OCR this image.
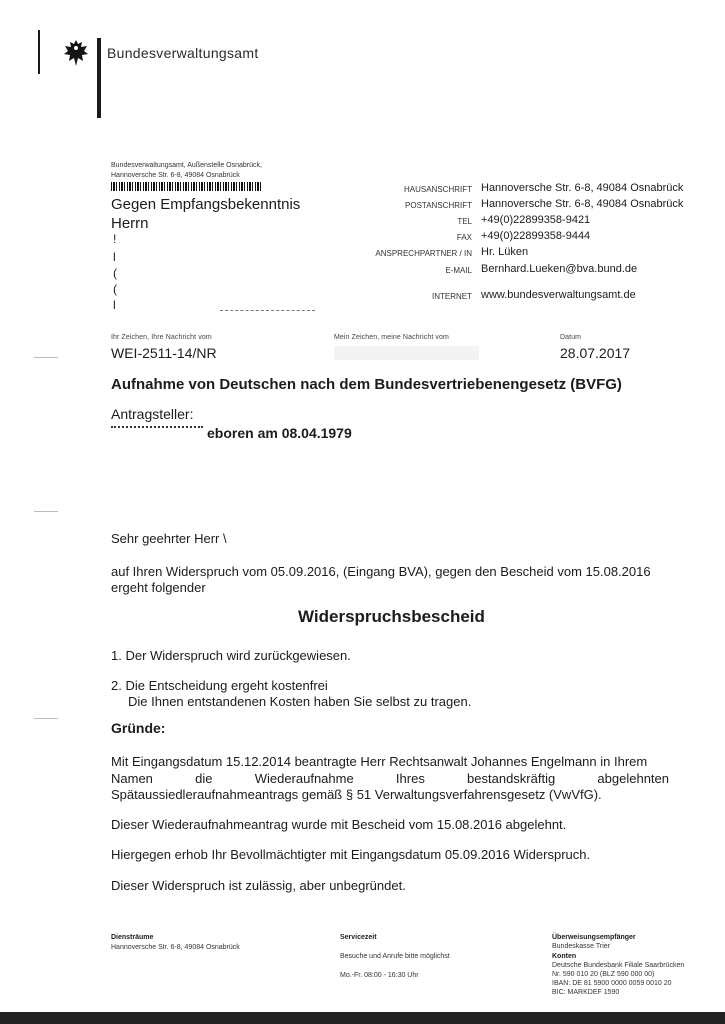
Bundesverwaltungsamt
Bundesverwaltungsamt, Außenstelle Osnabrück,
Hannoversche Str. 6-8, 49084 Osnabrück
Gegen Empfangsbekenntnis
Herrn
!
l
(
(
l
HAUSANSCHRIFT Hannoversche Str. 6-8, 49084 Osnabrück
POSTANSCHRIFT Hannoversche Str. 6-8, 49084 Osnabrück
TEL +49(0)22899358-9421
FAX +49(0)22899358-9444
ANSPRECHPARTNER / IN Hr. Lüken
E-MAIL Bernhard.Lueken@bva.bund.de
INTERNET www.bundesverwaltungsamt.de
Ihr Zeichen, Ihre Nachricht vom
WEI-2511-14/NR
Mein Zeichen, meine Nachricht vom	Datum
28.07.2017
Aufnahme von Deutschen nach dem Bundesvertriebenengesetz (BVFG)
Antragsteller:
eboren am 08.04.1979
Sehr geehrter Herr \
auf Ihren Widerspruch vom 05.09.2016, (Eingang BVA), gegen den Bescheid vom 15.08.2016
ergeht folgender
Widerspruchsbescheid
1. Der Widerspruch wird zurückgewiesen.
2. Die Entscheidung ergeht kostenfrei
Die Ihnen entstandenen Kosten haben Sie selbst zu tragen.
Gründe:
Mit Eingangsdatum 15.12.2014 beantragte Herr Rechtsanwalt Johannes Engelmann in Ihrem
Namen die Wiederaufnahme Ihres bestandskräftig abgelehnten
Spätaussiedleraufnahmeantrags gemäß § 51 Verwaltungsverfahrensgesetz (VwVfG).
Dieser Wiederaufnahmeantrag wurde mit Bescheid vom 15.08.2016 abgelehnt.
Hiergegen erhob Ihr Bevollmächtigter mit Eingangsdatum 05.09.2016 Widerspruch.
Dieser Widerspruch ist zulässig, aber unbegründet.
Diensträume
Hannoversche Str. 6-8, 49084 Osnabrück
Servicezeit
Besuche und Anrufe bitte möglichst
Mo.-Fr. 08:00 - 16:30 Uhr
Überweisungsempfänger
Bundeskasse Trier
Konten
Deutsche Bundesbank Filiale Saarbrücken
Nr. 590 010 20 (BLZ 590 000 00)
IBAN: DE 81 5900 0000 0059 0010 20
BIC: MARKDEF 1590
